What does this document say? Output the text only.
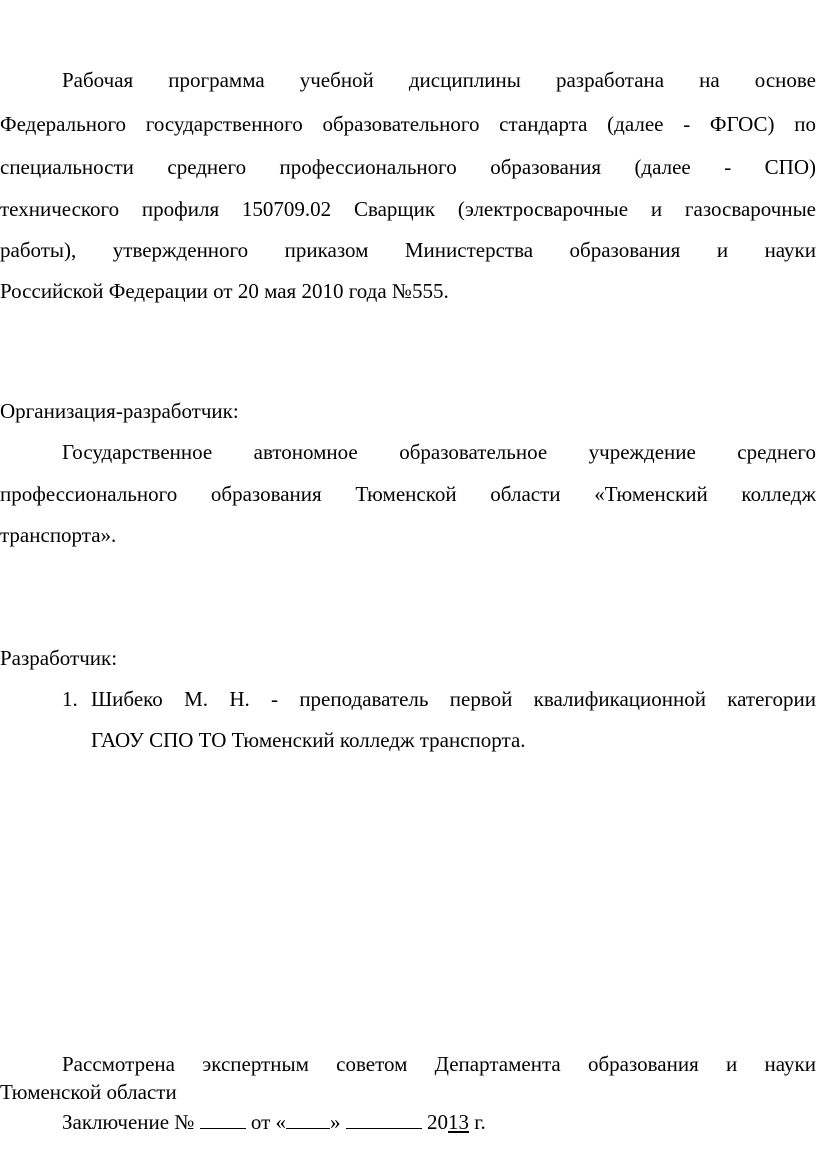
Рабочая программа учебной дисциплины разработана на основе
Федерального государственного образовательного стандарта (далее - ФГОС) по
специальности среднего профессионального образования (далее - СПО)
технического профиля 150709.02 Сварщик (электросварочные и газосварочные
работы), утвержденного приказом Министерства образования и науки
Российской Федерации от 20 мая 2010 года №555.
Организация-разработчик:
Государственное автономное образовательное учреждение среднего
профессионального образования Тюменской области «Тюменский колледж
транспорта».
Разработчик:
1. Шибеко М. Н. - преподаватель первой квалификационной категории
ГАОУ СПО ТО Тюменский колледж транспорта.
Рассмотрена экспертным советом Департамента образования и науки
Тюменской области
Заключение №	от « »	2013 г.
